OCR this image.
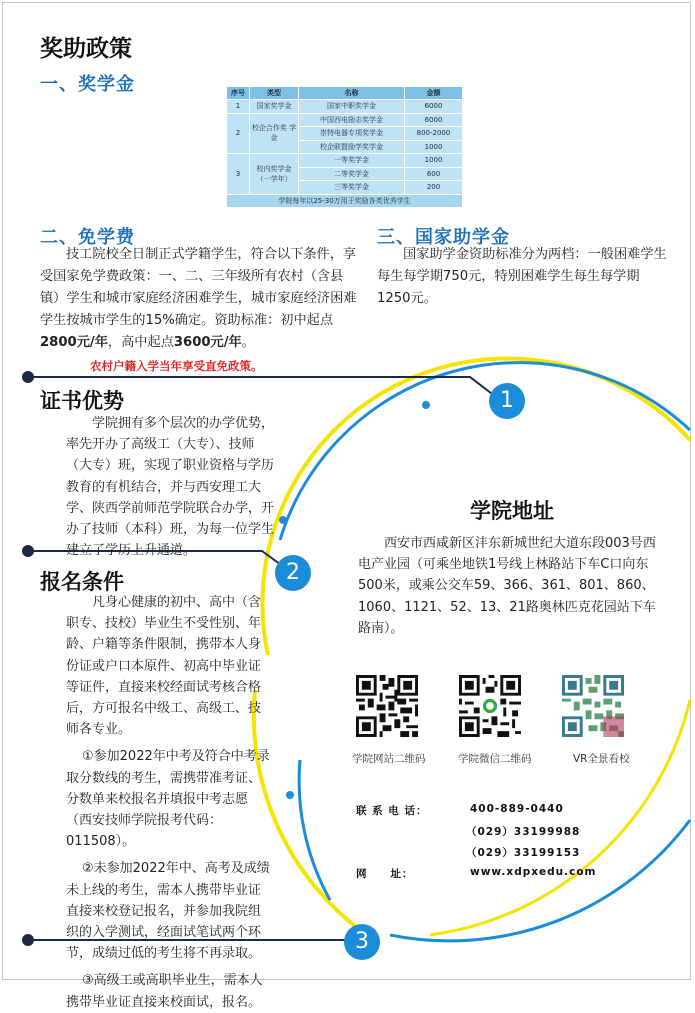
奖助政策
一、奖学金	序号	类型	名称	金额
1	国家奖学金	国家中职奖学金	6000
2	校企合作奖 学 金	中国西电励志奖学金	6000
		崇特电器专项奖学金	800-2000
		校企联盟励学奖学金	1000
3	校内奖学金（一学年）	一等奖学金	1000
		二等奖学金	600
		三等奖学金	200
学院每年以25-30万用于奖励各类优秀学生			
二、免学费
技工院校全日制正式学籍学生，符合以下条件，享受国家免学费政策：一、二、三年级所有农村（含县镇）学生和城市家庭经济困难学生，城市家庭经济困难学生按城市学生的15%确定。资助标准：初中起点2800元/年，高中起点3600元/年。
农村户籍入学当年享受直免政策。
三、国家助学金
国家助学金资助标准分为两档：一般困难学生每生每学期750元，特别困难学生每生每学期1250元。
1
2
3
证书优势
学院拥有多个层次的办学优势，率先开办了高级工（大专）、技师（大专）班，实现了职业资格与学历教育的有机结合，并与西安理工大学、陕西学前师范学院联合办学，开办了技师（本科）班，为每一位学生建立了学历上升通道。
报名条件
凡身心健康的初中、高中（含职专、技校）毕业生不受性别、年龄、户籍等条件限制，携带本人身份证或户口本原件、初高中毕业证等证件，直接来校经面试考核合格后，方可报名中级工、高级工、技师各专业。
①参加2022年中考及符合中考录取分数线的考生，需携带准考证、分数单来校报名并填报中考志愿（西安技师学院报考代码：011508）。
②未参加2022年中、高考及成绩未上线的考生，需本人携带毕业证直接来校登记报名，并参加我院组织的入学测试，经面试笔试两个环节，成绩过低的考生将不再录取。
③高级工或高职毕业生，需本人携带毕业证直接来校面试，报名。
学院地址
西安市西咸新区沣东新城世纪大道东段003号西电产业园（可乘坐地铁1号线上林路站下车C口向东500米，或乘公交车59、366、361、801、860、1060、1121、52、13、21路奥林匹克花园站下车路南）。
学院网站二维码	学院微信二维码	VR全景看校
联 系 电 话：	400-889-0440
（029）33199988
（029）33199153
网　　址：	www.xdpxedu.com
